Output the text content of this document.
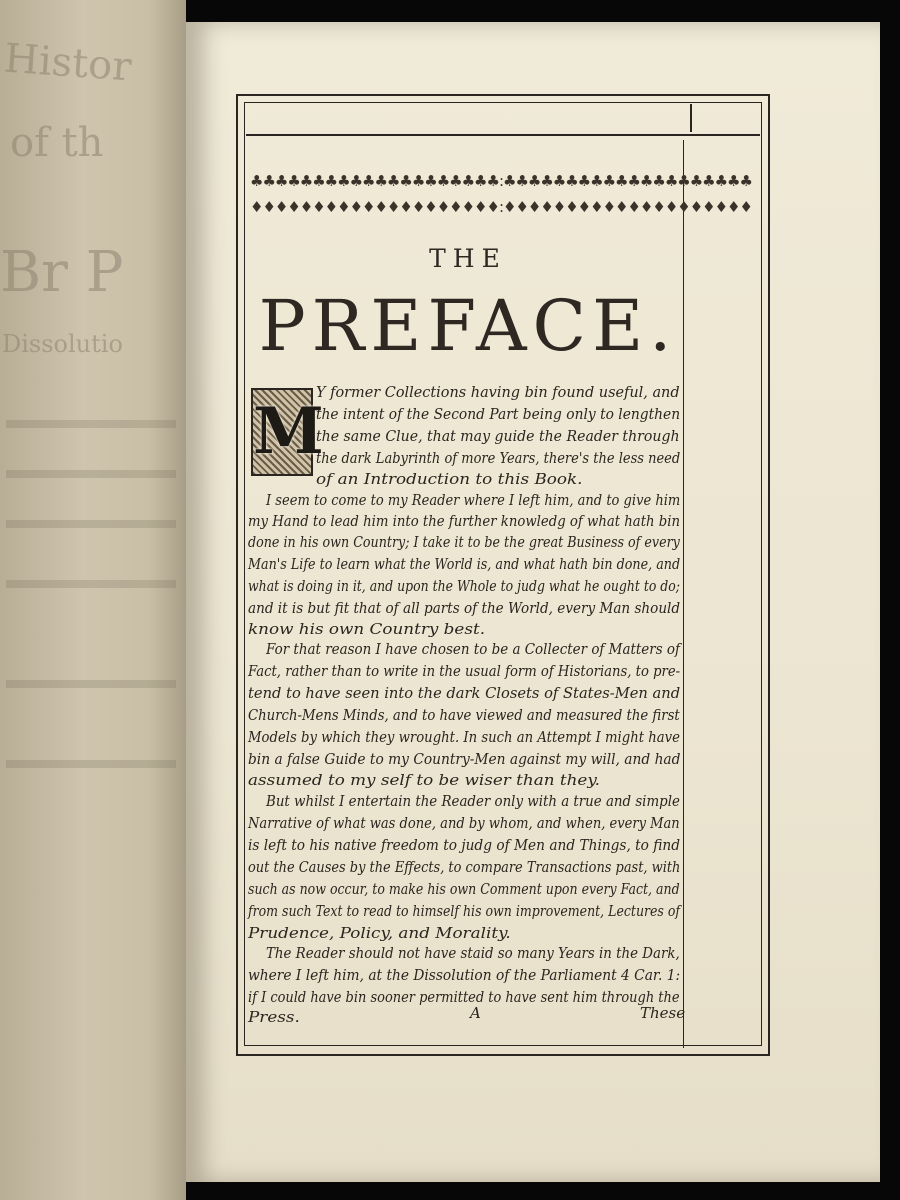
Histor
of th
Br P
Dissolutio
♣♣♣♣♣♣♣♣♣♣♣♣♣♣♣♣♣♣♣♣:♣♣♣♣♣♣♣♣♣♣♣♣♣♣♣♣♣♣♣♣
♦♦♦♦♦♦♦♦♦♦♦♦♦♦♦♦♦♦♦♦:♦♦♦♦♦♦♦♦♦♦♦♦♦♦♦♦♦♦♦♦
THE
PREFACE.
M
Y former Collections having bin found useful, and
the intent of the Second Part being only to lengthen
the same Clue, that may guide the Reader through
the dark Labyrinth of more Years, there's the less need
of an Introduction to this Book.
I seem to come to my Reader where I left him, and to give him
my Hand to lead him into the further knowledg of what hath bin
done in his own Country; I take it to be the great Business of every
Man's Life to learn what the World is, and what hath bin done, and
what is doing in it, and upon the Whole to judg what he ought to do;
and it is but fit that of all parts of the World, every Man should
know his own Country best.
For that reason I have chosen to be a Collecter of Matters of
Fact, rather than to write in the usual form of Historians, to pre-
tend to have seen into the dark Closets of States-Men and
Church-Mens Minds, and to have viewed and measured the first
Models by which they wrought. In such an Attempt I might have
bin a false Guide to my Country-Men against my will, and had
assumed to my self to be wiser than they.
But whilst I entertain the Reader only with a true and simple
Narrative of what was done, and by whom, and when, every Man
is left to his native freedom to judg of Men and Things, to find
out the Causes by the Effects, to compare Transactions past, with
such as now occur, to make his own Comment upon every Fact, and
from such Text to read to himself his own improvement, Lectures of
Prudence, Policy, and Morality.
The Reader should not have staid so many Years in the Dark,
where I left him, at the Dissolution of the Parliament 4 Car. 1:
if I could have bin sooner permitted to have sent him through the
Press.	A	These
